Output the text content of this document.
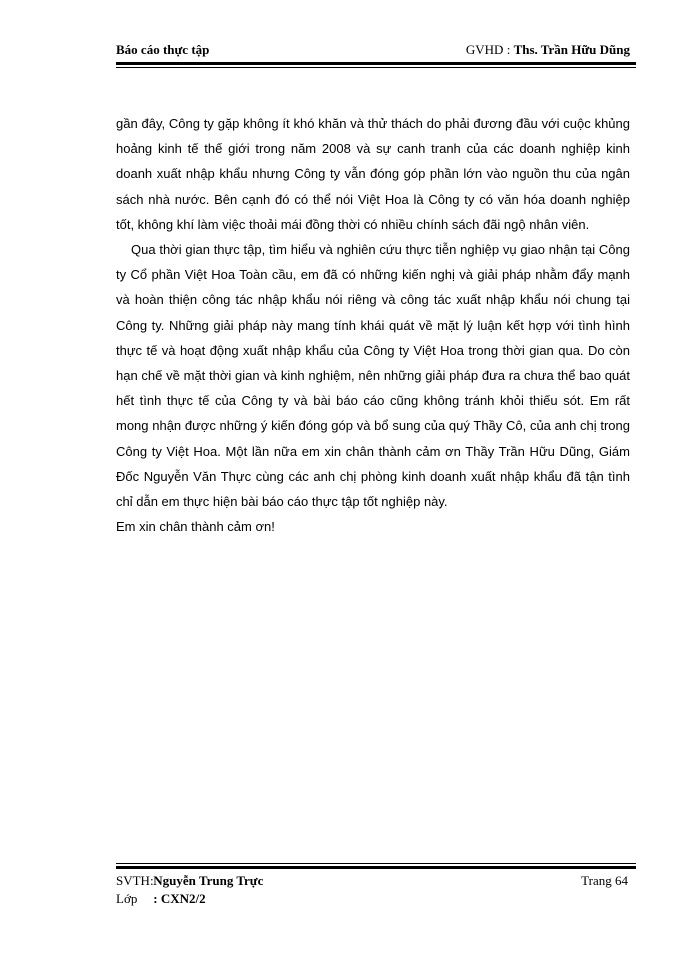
Báo cáo thực tập	GVHD : Ths. Trần Hữu Dũng

gần đây, Công ty gặp không ít khó khăn và thử thách do phải đương đầu với cuộc khủng hoảng kinh tế thế giới trong năm 2008 và sự canh tranh của các doanh nghiệp kinh doanh xuất nhập khẩu nhưng Công ty vẫn đóng góp phần lớn vào nguồn thu của ngân sách nhà nước. Bên cạnh đó có thể nói Việt Hoa là Công ty có văn hóa doanh nghiệp tốt, không khí làm việc thoải mái đồng thời có nhiều chính sách đãi ngộ nhân viên.

Qua thời gian thực tập, tìm hiểu và nghiên cứu thực tiễn nghiệp vụ giao nhận tại Công ty Cổ phần Việt Hoa Toàn cầu, em đã có những kiến nghị và giải pháp nhằm đẩy mạnh và hoàn thiện công tác nhập khẩu nói riêng và công tác xuất nhập khẩu nói chung tại Công ty. Những giải pháp này mang tính khái quát về mặt lý luận kết hợp với tình hình thực tế và hoạt động xuất nhập khẩu của Công ty Việt Hoa trong thời gian qua. Do còn hạn chế về mặt thời gian và kinh nghiệm, nên những giải pháp đưa ra chưa thể bao quát hết tình thực tế của Công ty và bài báo cáo cũng không tránh khỏi thiếu sót. Em rất mong nhận được những ý kiến đóng góp và bổ sung của quý Thầy Cô, của anh chị trong Công ty Việt Hoa. Một lần nữa em xin chân thành cảm ơn Thầy Trần Hữu Dũng, Giám Đốc Nguyễn Văn Thực cùng các anh chị phòng kinh doanh xuất nhập khẩu đã tận tình chỉ dẫn em thực hiện bài báo cáo thực tập tốt nghiệp này.

Em xin chân thành cảm ơn!

SVTH: Nguyễn Trung Trực	Trang 64
Lớp : CXN2/2
